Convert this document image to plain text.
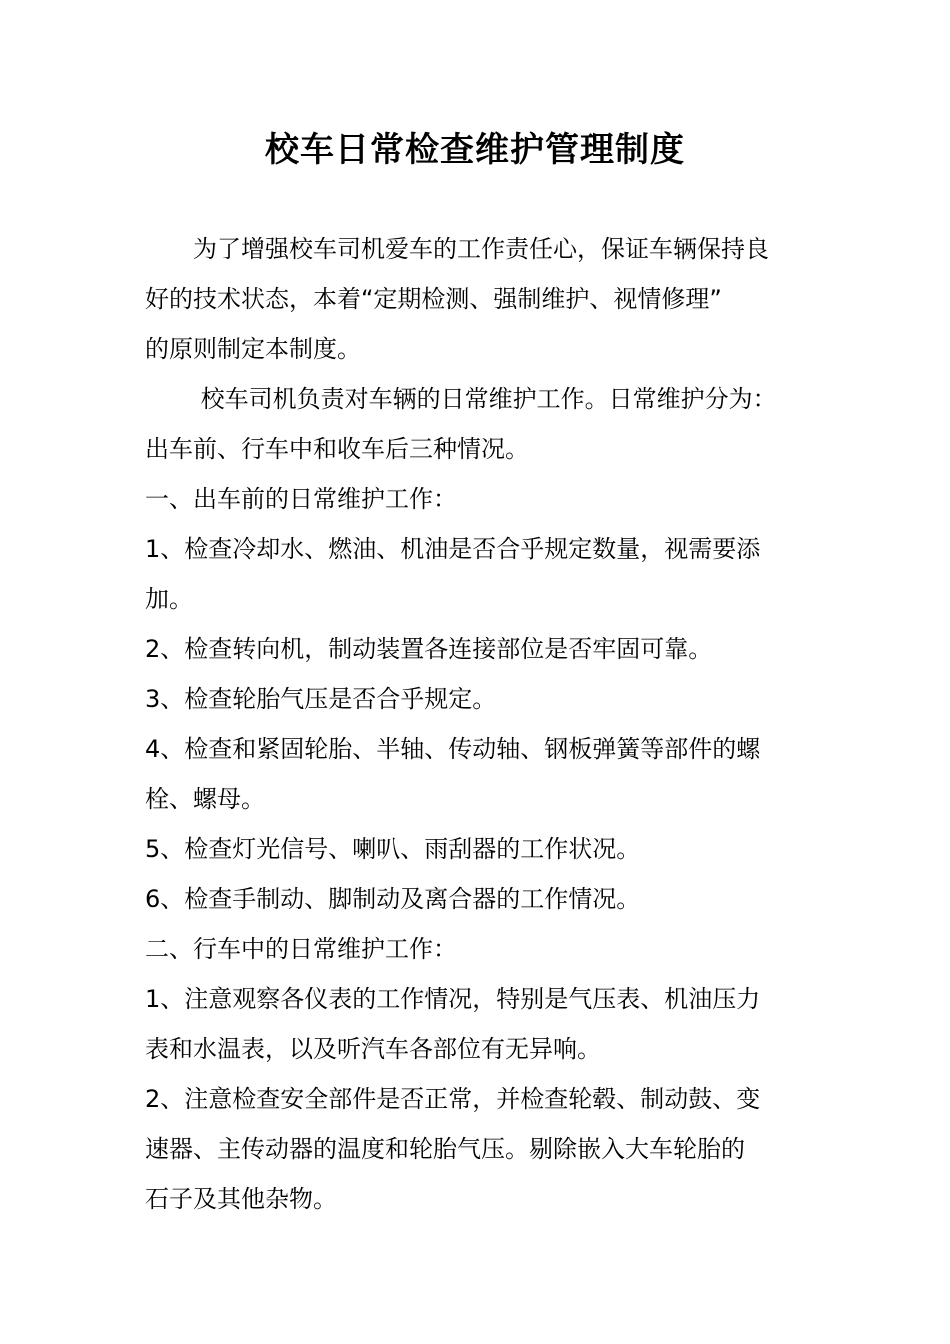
校车日常检查维护管理制度

　　为了增强校车司机爱车的工作责任心，保证车辆保持良

好的技术状态，本着“定期检测、强制维护、视情修理”

的原则制定本制度。

　　 校车司机负责对车辆的日常维护工作。日常维护分为：

出车前、行车中和收车后三种情况。

一、出车前的日常维护工作：

1、检查冷却水、燃油、机油是否合乎规定数量，视需要添

加。

2、检查转向机，制动装置各连接部位是否牢固可靠。

3、检查轮胎气压是否合乎规定。

4、检查和紧固轮胎、半轴、传动轴、钢板弹簧等部件的螺

栓、螺母。

5、检查灯光信号、喇叭、雨刮器的工作状况。

6、检查手制动、脚制动及离合器的工作情况。

二、行车中的日常维护工作：

1、注意观察各仪表的工作情况，特别是气压表、机油压力

表和水温表，以及听汽车各部位有无异响。

2、注意检查安全部件是否正常，并检查轮毂、制动鼓、变

速器、主传动器的温度和轮胎气压。剔除嵌入大车轮胎的

石子及其他杂物。
